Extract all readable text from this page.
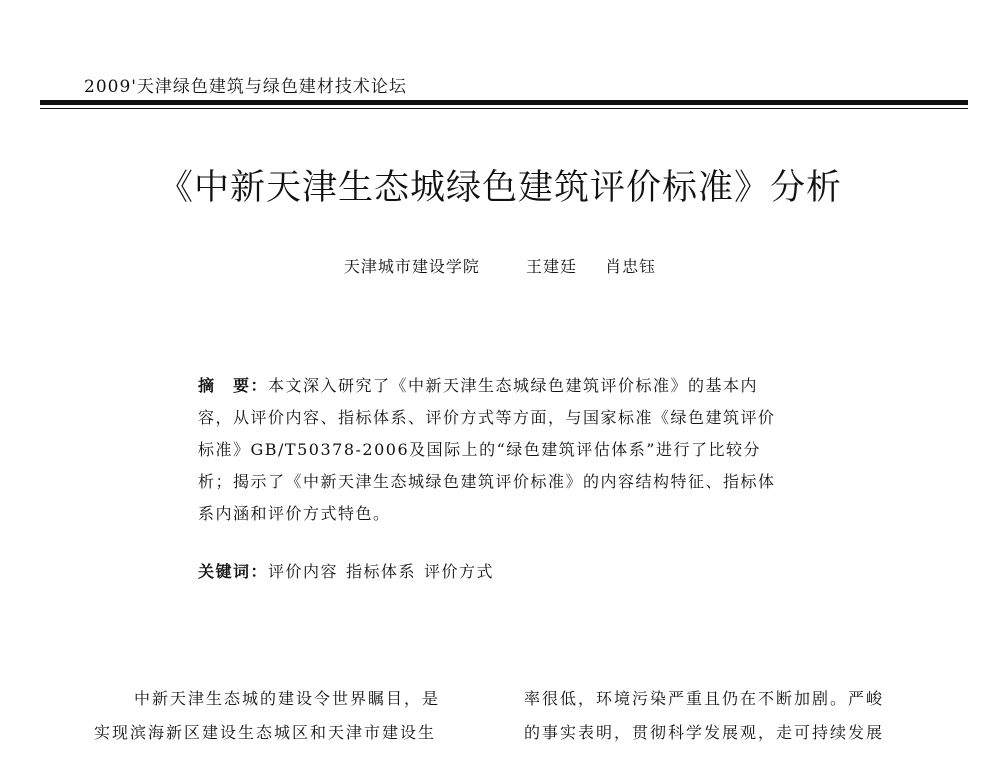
2009'天津绿色建筑与绿色建材技术论坛
《中新天津生态城绿色建筑评价标准》分析
天津城市建设学院	王建廷 肖忠钰
摘　要：本文深入研究了《中新天津生态城绿色建筑评价标准》的基本内
容，从评价内容、指标体系、评价方式等方面，与国家标准《绿色建筑评价
标准》GB/T50378-2006及国际上的“绿色建筑评估体系”进行了比较分
析；揭示了《中新天津生态城绿色建筑评价标准》的内容结构特征、指标体
系内涵和评价方式特色。
关键词：评价内容 指标体系 评价方式
中新天津生态城的建设令世界瞩目，是
实现滨海新区建设生态城区和天津市建设生
率很低，环境污染严重且仍在不断加剧。严峻
的事实表明，贯彻科学发展观，走可持续发展
